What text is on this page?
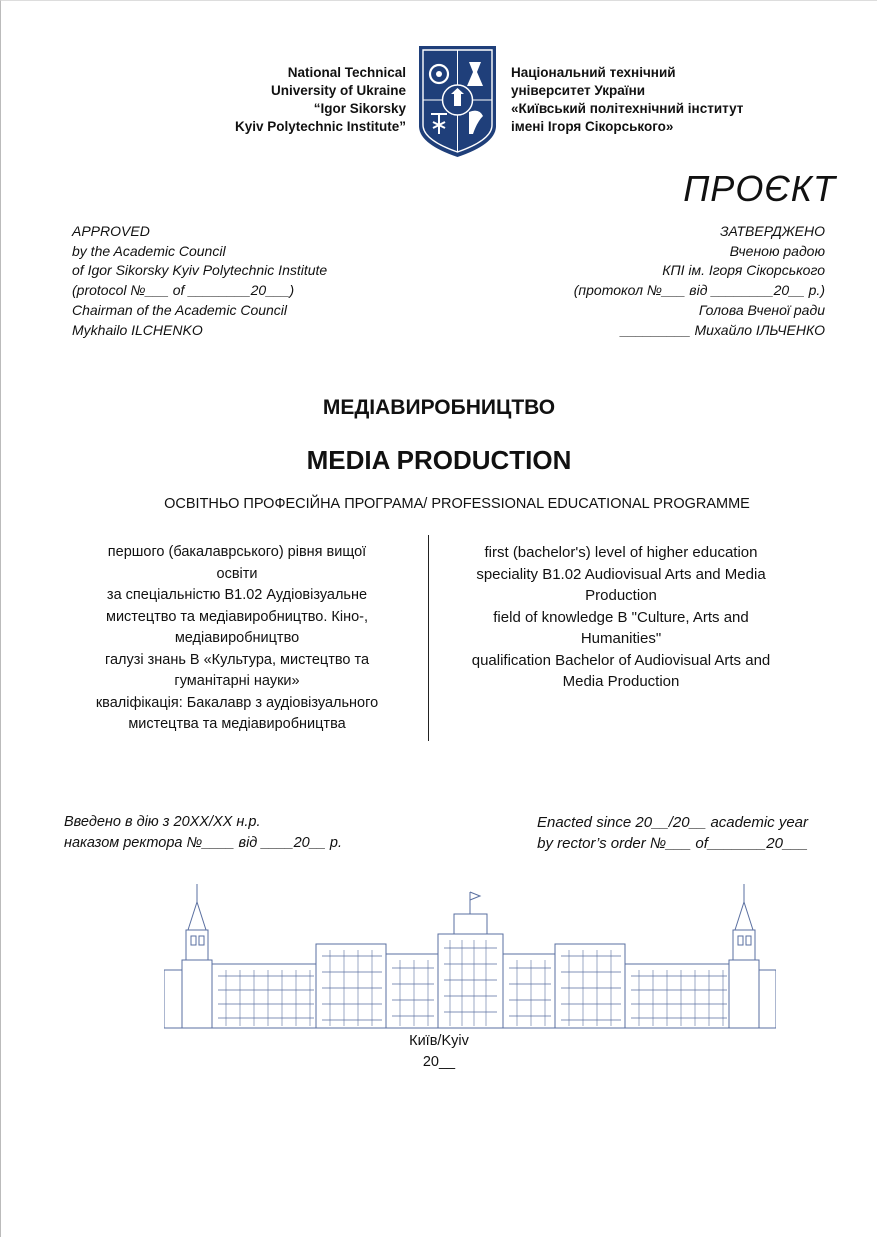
National Technical
University of Ukraine
“Igor Sikorsky
Kyiv Polytechnic Institute”
Національний технічний
університет України
«Київський політехнічний інститут
імені Ігоря Сікорського»
ПРОЄКТ
APPROVED
by the Academic Council
of Igor Sikorsky Kyiv Polytechnic Institute
(protocol №___ of ________20___)
Chairman of the Academic Council
Mykhailo ILCHENKO
ЗАТВЕРДЖЕНО
Вченою радою
КПІ ім. Ігоря Сікорського
(протокол №___ від ________20__ р.)
Голова Вченої ради
_________ Михайло ІЛЬЧЕНКО
МЕДІАВИРОБНИЦТВО
MEDIA PRODUCTION
ОСВІТНЬО ПРОФЕСІЙНА ПРОГРАМА/ PROFESSIONAL EDUCATIONAL PROGRAMME
першого (бакалаврського) рівня вищої
освіти
за спеціальністю B1.02 Аудіовізуальне
мистецтво та медіавиробництво. Кіно-,
медіавиробництво
галузі знань В «Культура, мистецтво та
гуманітарні науки»
кваліфікація: Бакалавр з аудіовізуального
мистецтва та медіавиробництва
first (bachelor's) level of higher education
speciality B1.02 Audiovisual Arts and Media
Production
field of knowledge В "Culture, Arts and
Humanities"
qualification Bachelor of Audiovisual Arts and
Media Production
Введено в дію з 20ХХ/ХХ н.р.
наказом ректора №____ від ____20__ р.
Enacted since 20__/20__ academic year
by rector’s order №___ of_______20___
Київ/Kyiv
20__
